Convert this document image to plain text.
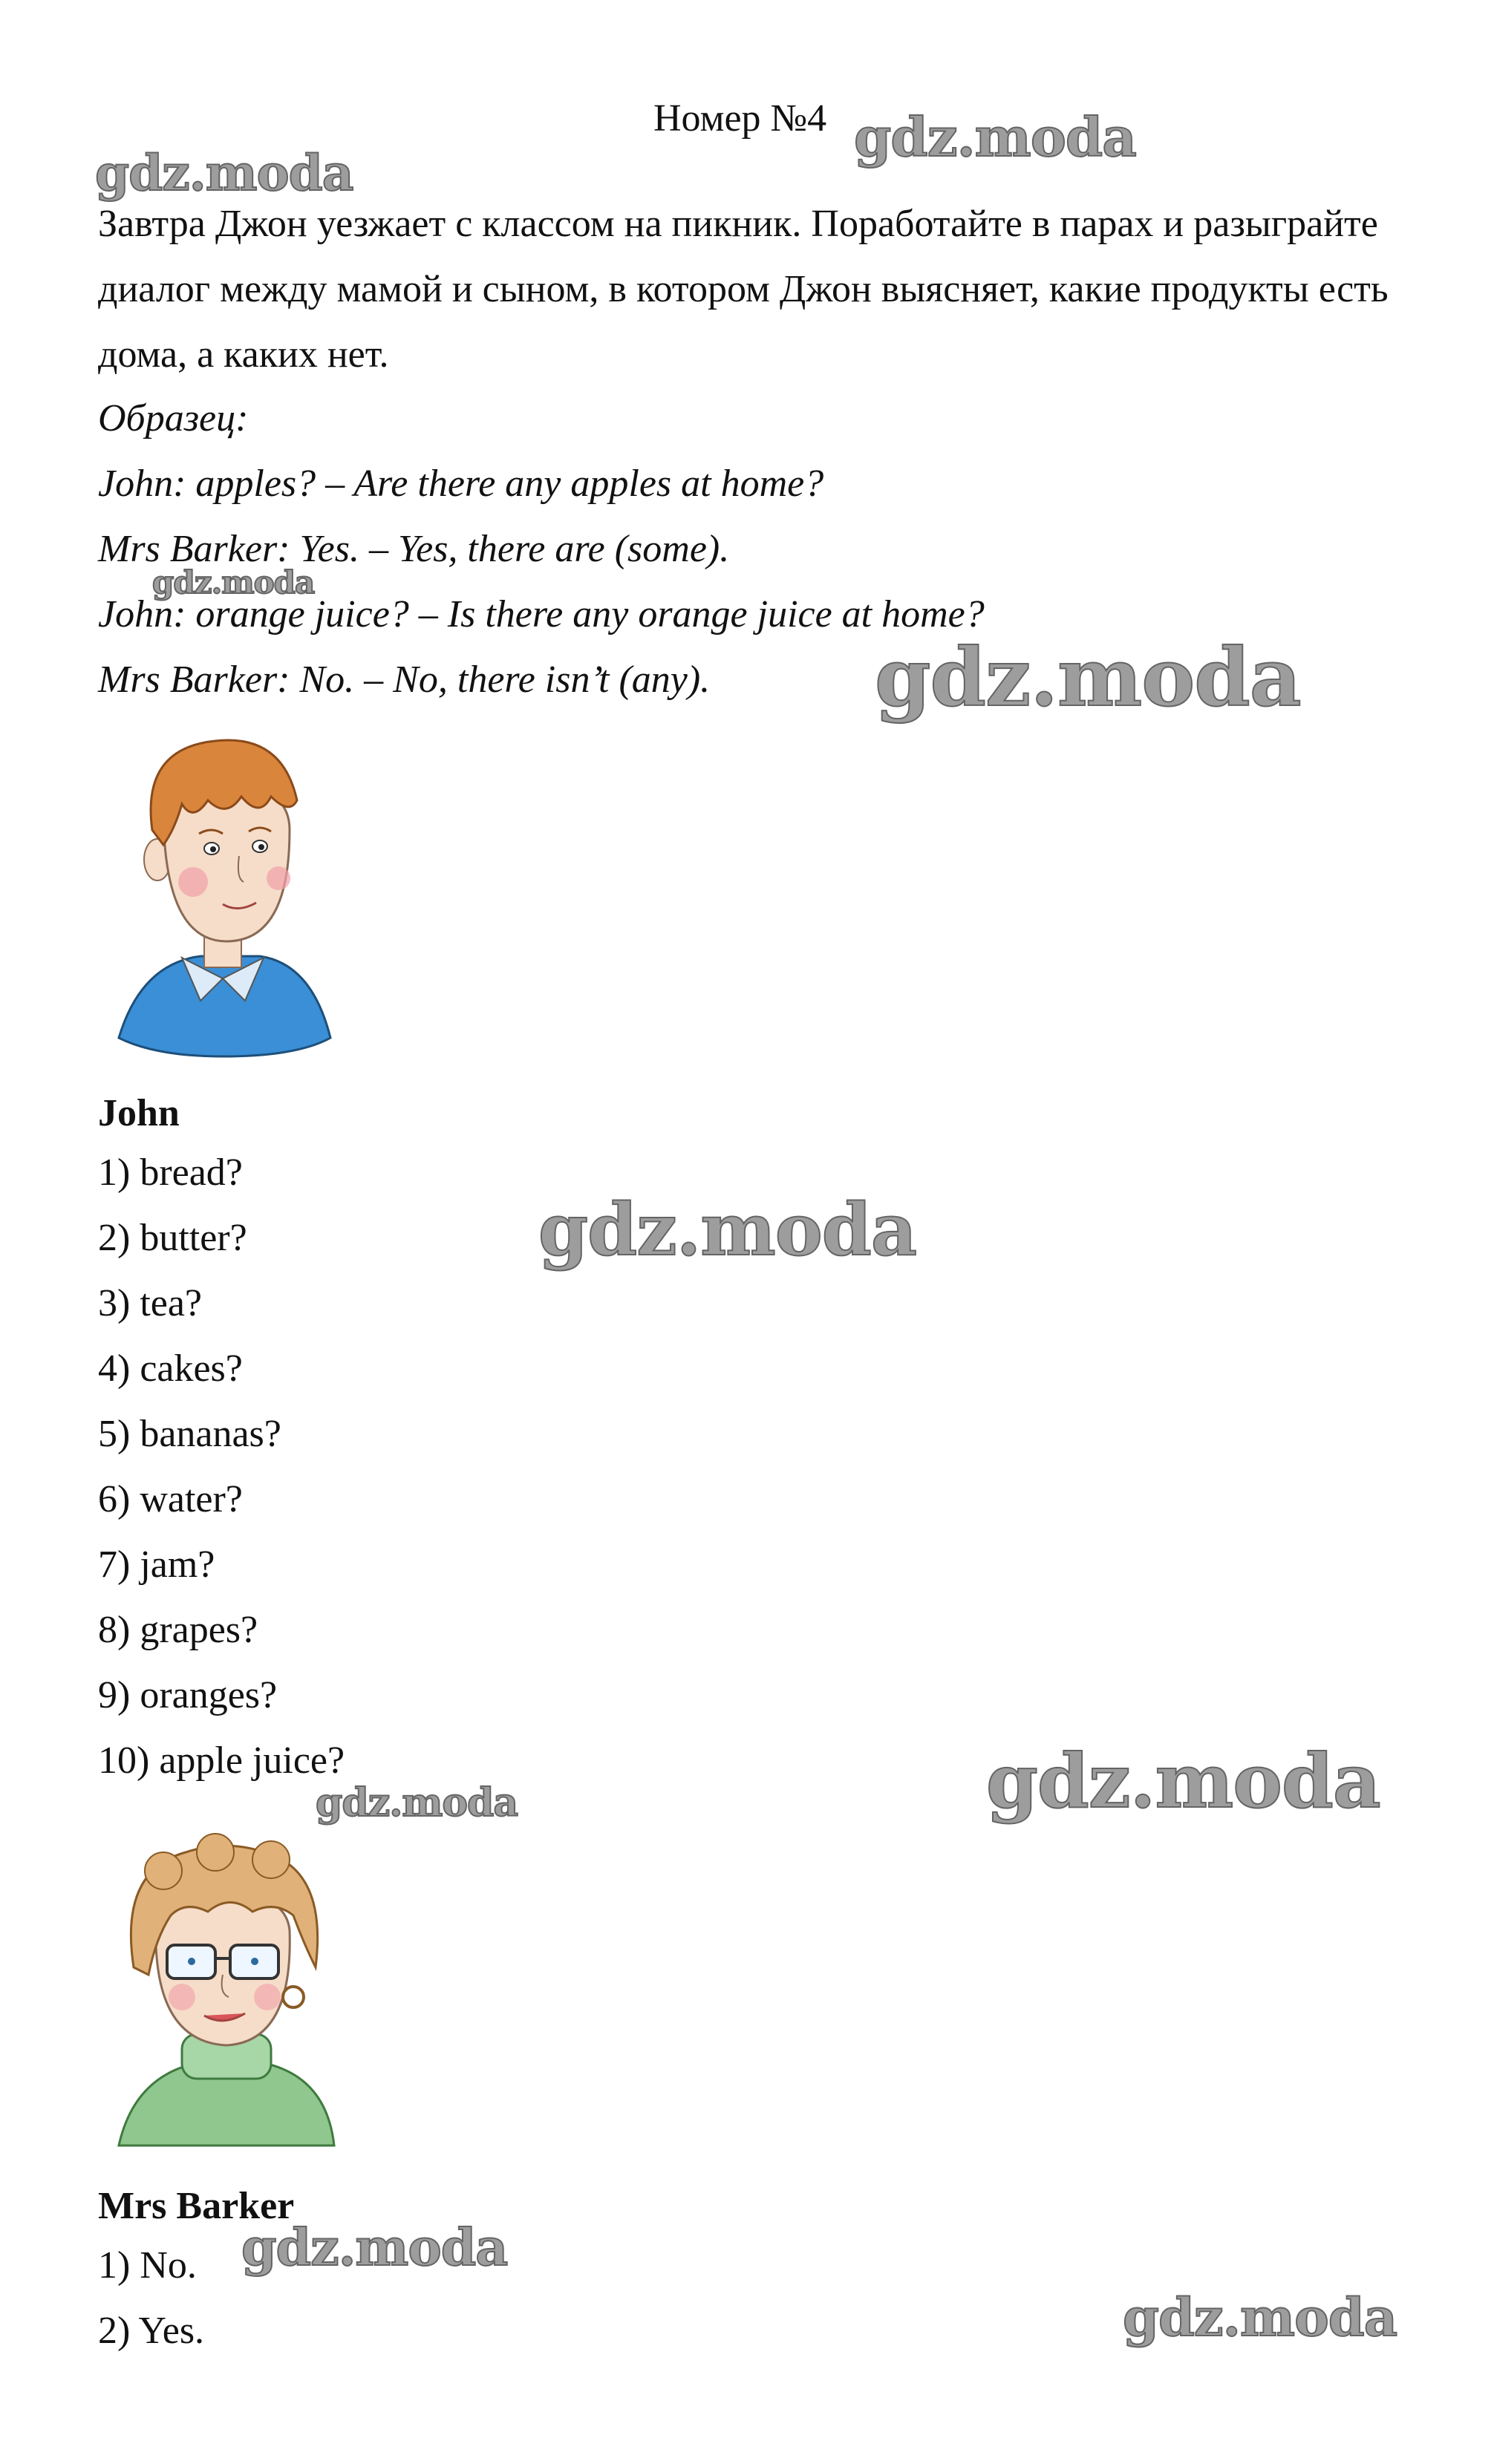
Номер №4
Завтра Джон уезжает с классом на пикник. Поработайте в парах и разыграйте диалог между мамой и сыном, в котором Джон выясняет, какие продукты есть дома, а каких нет.
Образец:
John: apples? – Are there any apples at home?
Mrs Barker: Yes. – Yes, there are (some).
John: orange juice? – Is there any orange juice at home?
Mrs Barker: No. – No, there isn’t (any).
John
1) bread?
2) butter?
3) tea?
4) cakes?
5) bananas?
6) water?
7) jam?
8) grapes?
9) oranges?
10) apple juice?
Mrs Barker
1) No.
2) Yes.
gdz.moda
gdz.moda
gdz.moda
gdz.moda
gdz.moda
gdz.moda
gdz.moda
gdz.moda
gdz.moda
